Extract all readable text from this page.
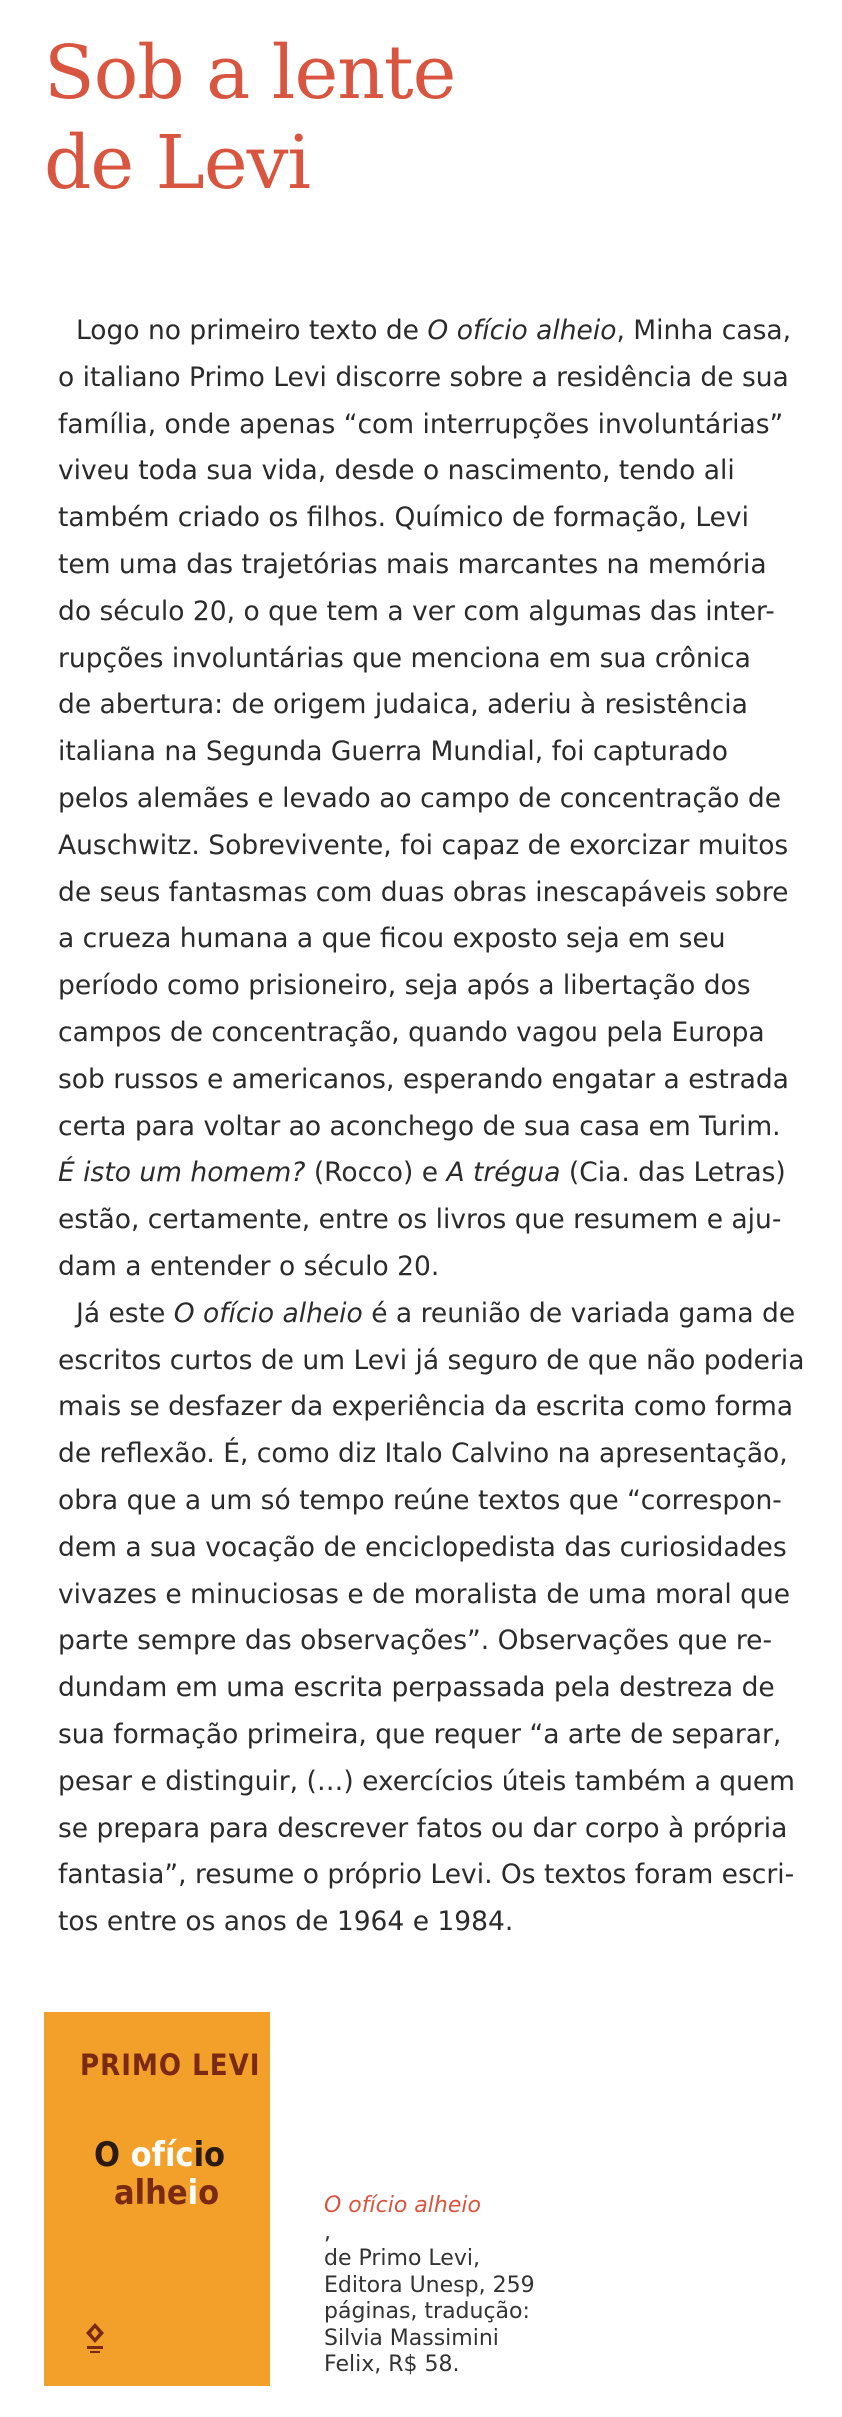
Sob a lente
de Levi
Logo no primeiro texto de O ofício alheio, Minha casa,
o italiano Primo Levi discorre sobre a residência de sua
família, onde apenas “com interrupções involuntárias”
viveu toda sua vida, desde o nascimento, tendo ali
também criado os filhos. Químico de formação, Levi
tem uma das trajetórias mais marcantes na memória
do século 20, o que tem a ver com algumas das inter-
rupções involuntárias que menciona em sua crônica
de abertura: de origem judaica, aderiu à resistência
italiana na Segunda Guerra Mundial, foi capturado
pelos alemães e levado ao campo de concentração de
Auschwitz. Sobrevivente, foi capaz de exorcizar muitos
de seus fantasmas com duas obras inescapáveis sobre
a crueza humana a que ficou exposto seja em seu
período como prisioneiro, seja após a libertação dos
campos de concentração, quando vagou pela Europa
sob russos e americanos, esperando engatar a estrada
certa para voltar ao aconchego de sua casa em Turim.
É isto um homem? (Rocco) e A trégua (Cia. das Letras)
estão, certamente, entre os livros que resumem e aju-
dam a entender o século 20.
Já este O ofício alheio é a reunião de variada gama de
escritos curtos de um Levi já seguro de que não poderia
mais se desfazer da experiência da escrita como forma
de reflexão. É, como diz Italo Calvino na apresentação,
obra que a um só tempo reúne textos que “correspon-
dem a sua vocação de enciclopedista das curiosidades
vivazes e minuciosas e de moralista de uma moral que
parte sempre das observações”. Observações que re-
dundam em uma escrita perpassada pela destreza de
sua formação primeira, que requer “a arte de separar,
pesar e distinguir, (…) exercícios úteis também a quem
se prepara para descrever fatos ou dar corpo à própria
fantasia”, resume o próprio Levi. Os textos foram escri-
tos entre os anos de 1964 e 1984.
PRIMO LEVI
O ofício
alheio	O ofício alheio
,
de Primo Levi,
Editora Unesp, 259
páginas, tradução:
Silvia Massimini
Felix, R$ 58.
